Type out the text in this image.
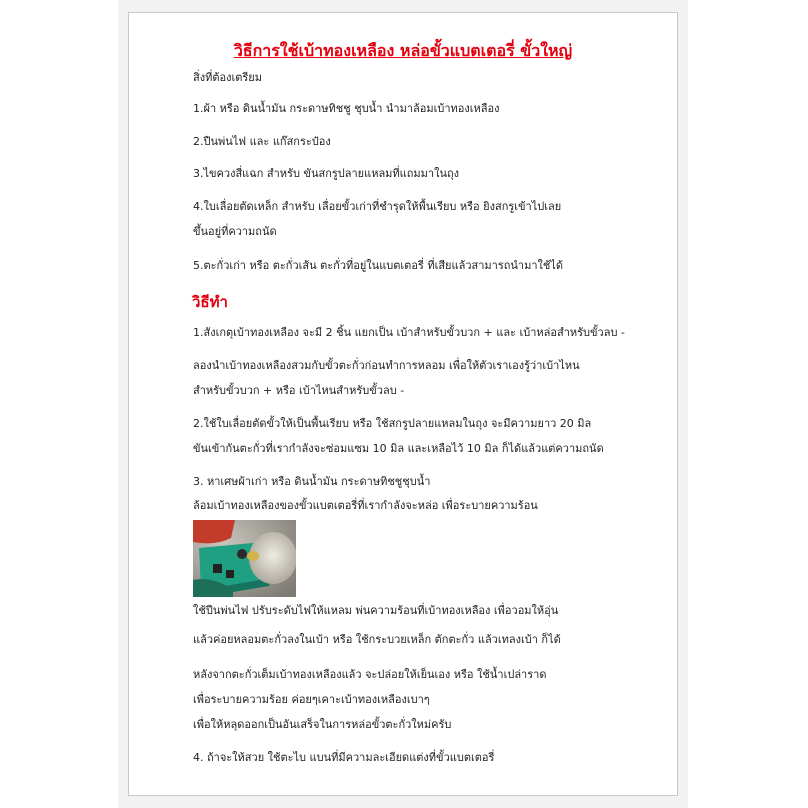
วิธีการใช้เบ้าทองเหลือง หล่อขั้วแบตเตอรี่ ขั้วใหญ่
สิ่งที่ต้องเตรียม
1.ผ้า หรือ ดินน้ำมัน กระดาษทิชชู ชุบน้ำ นำมาล้อมเบ้าทองเหลือง
2.ปืนพ่นไฟ และ แก๊สกระป๋อง
3.ไขควงสี่แฉก สำหรับ ขันสกรูปลายแหลมที่แถมมาในถุง
4.ใบเลื่อยตัดเหล็ก สำหรับ เลื่อยขั้วเก่าที่ชำรุดให้พื้นเรียบ หรือ ยิงสกรูเข้าไปเลย
ขึ้นอยู่ที่ความถนัด
5.ตะกั่วเก่า หรือ ตะกั่วเส้น ตะกั่วที่อยู่ในแบตเตอรี่ ที่เสียแล้วสามารถนำมาใช้ได้
วิธีทำ
1.สังเกตุเบ้าทองเหลือง จะมี 2 ชิ้น แยกเป็น เบ้าสำหรับขั้วบวก + และ เบ้าหล่อสำหรับขั้วลบ -
ลองนำเบ้าทองเหลืองสวมกับขั้วตะกั่วก่อนทำการหลอม เพื่อให้ตัวเราเองรู้ว่าเบ้าไหน
สำหรับขั้วบวก + หรือ เบ้าไหนสำหรับขั้วลบ -
2.ใช้ใบเลื่อยตัดขั้วให้เป็นพื้นเรียบ หรือ ใช้สกรูปลายแหลมในถุง จะมีความยาว 20 มิล
ขันเข้ากันตะกั่วที่เรากำลังจะซ่อมแซม 10 มิล และเหลือไว้ 10 มิล ก็ได้แล้วแต่ความถนัด
3. หาเศษผ้าเก่า หรือ ดินน้ำมัน กระดาษทิชชูชุบน้ำ
ล้อมเบ้าทองเหลืองของขั้วแบตเตอรี่ที่เรากำลังจะหล่อ เพื่อระบายความร้อน
ใช้ปืนพ่นไฟ ปรับระดับไฟให้แหลม พ่นความร้อนที่เบ้าทองเหลือง เพื่อวอมให้อุ่น
แล้วค่อยหลอมตะกั่วลงในเบ้า หรือ ใช้กระบวยเหล็ก ตักตะกั่ว แล้วเทลงเบ้า ก็ได้
หลังจากตะกั่วเต็มเบ้าทองเหลืองแล้ว จะปล่อยให้เย็นเอง หรือ ใช้น้ำเปล่าราด
เพื่อระบายความร้อย ค่อยๆเคาะเบ้าทองเหลืองเบาๆ
เพื่อให้หลุดออกเป็นอันเสร็จในการหล่อขั้วตะกั่วใหม่ครับ
4. ถ้าจะให้สวย ใช้ตะไบ แบนที่มีความละเอียดแต่งที่ขั้วแบตเตอรี่
